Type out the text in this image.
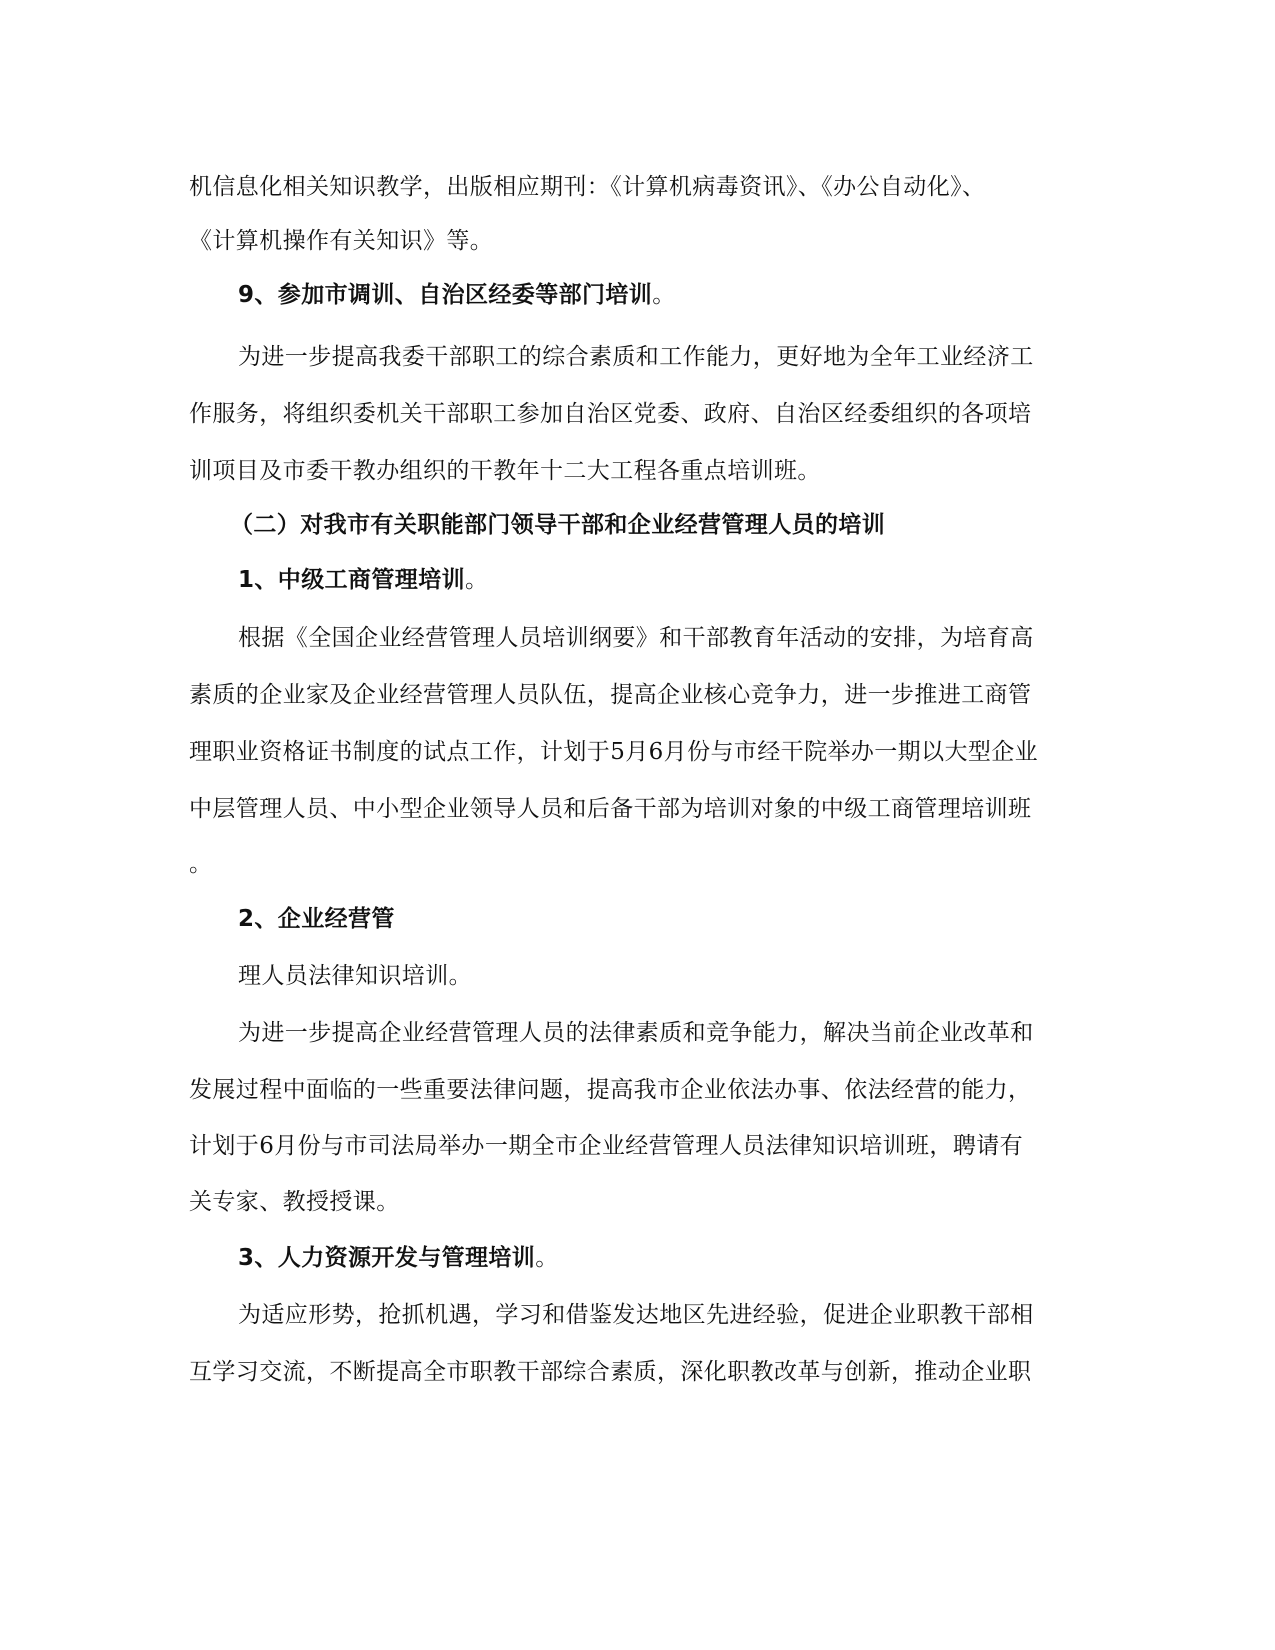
机信息化相关知识教学，出版相应期刊：《计算机病毒资讯》、《办公自动化》、
《计算机操作有关知识》等。
9、参加市调训、自治区经委等部门培训。
为进一步提高我委干部职工的综合素质和工作能力，更好地为全年工业经济工
作服务，将组织委机关干部职工参加自治区党委、政府、自治区经委组织的各项培
训项目及市委干教办组织的干教年十二大工程各重点培训班。
（二）对我市有关职能部门领导干部和企业经营管理人员的培训
1、中级工商管理培训。
根据《全国企业经营管理人员培训纲要》和干部教育年活动的安排，为培育高
素质的企业家及企业经营管理人员队伍，提高企业核心竞争力，进一步推进工商管
理职业资格证书制度的试点工作，计划于5月6月份与市经干院举办一期以大型企业
中层管理人员、中小型企业领导人员和后备干部为培训对象的中级工商管理培训班
。
2、企业经营管
理人员法律知识培训。
为进一步提高企业经营管理人员的法律素质和竞争能力，解决当前企业改革和
发展过程中面临的一些重要法律问题，提高我市企业依法办事、依法经营的能力，
计划于6月份与市司法局举办一期全市企业经营管理人员法律知识培训班，聘请有
关专家、教授授课。
3、人力资源开发与管理培训。
为适应形势，抢抓机遇，学习和借鉴发达地区先进经验，促进企业职教干部相
互学习交流，不断提高全市职教干部综合素质，深化职教改革与创新，推动企业职
